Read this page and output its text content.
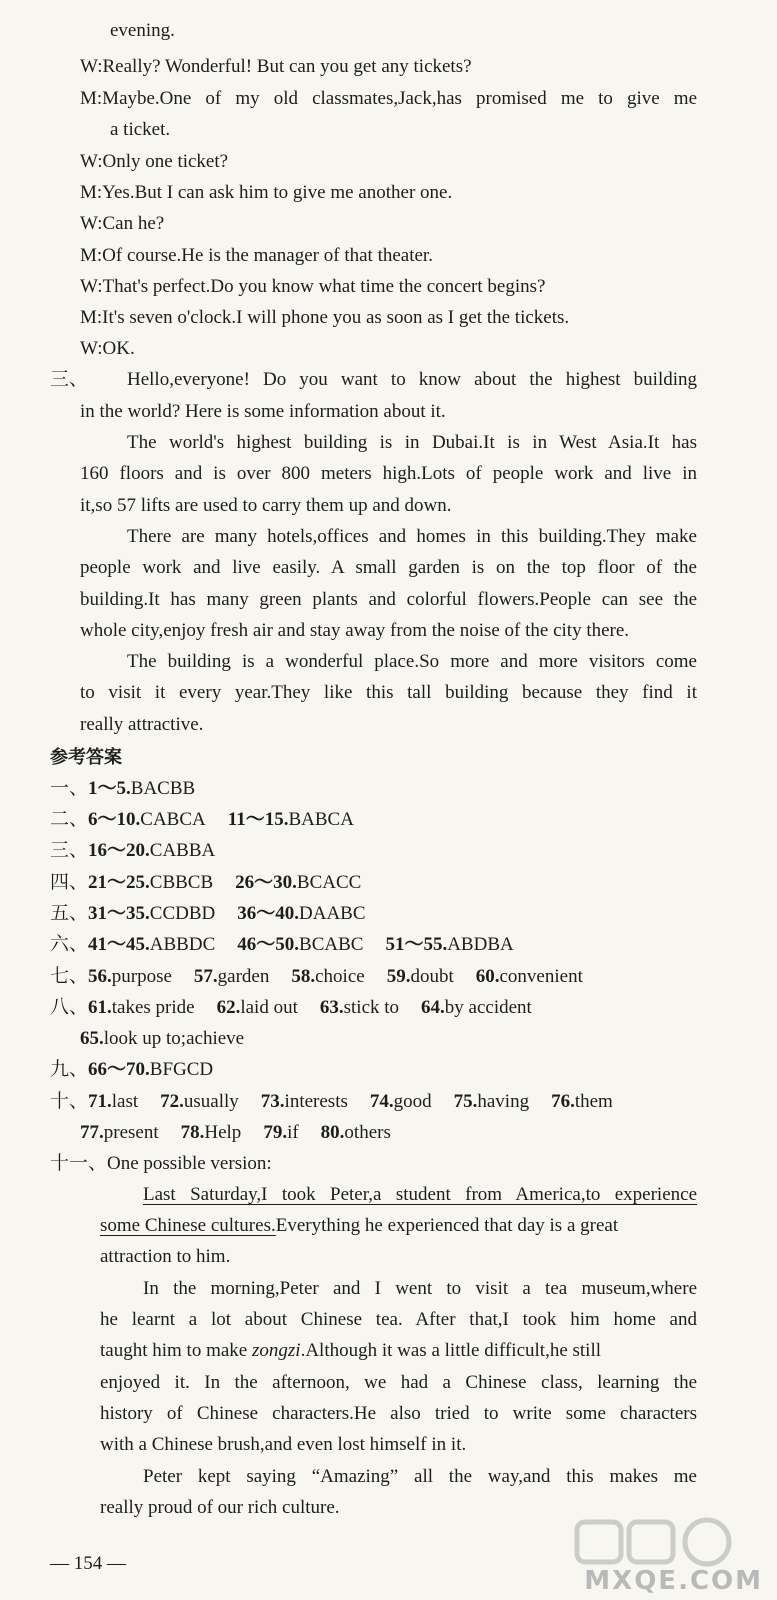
evening.
W:Really? Wonderful! But can you get any tickets?
M:Maybe.One of my old classmates,Jack,has promised me to give me
a ticket.
W:Only one ticket?
M:Yes.But I can ask him to give me another one.
W:Can he?
M:Of course.He is the manager of that theater.
W:That's perfect.Do you know what time the concert begins?
M:It's seven o'clock.I will phone you as soon as I get the tickets.
W:OK.
三、 Hello,everyone! Do you want to know about the highest building
in the world? Here is some information about it.
The world's highest building is in Dubai.It is in West Asia.It has
160 floors and is over 800 meters high.Lots of people work and live in
it,so 57 lifts are used to carry them up and down.
There are many hotels,offices and homes in this building.They make
people work and live easily. A small garden is on the top floor of the
building.It has many green plants and colorful flowers.People can see the
whole city,enjoy fresh air and stay away from the noise of the city there.
The building is a wonderful place.So more and more visitors come
to visit it every year.They like this tall building because they find it
really attractive.
参考答案
一、1～5.BACBB
二、6～10.CABCA 11～15.BABCA
三、16～20.CABBA
四、21～25.CBBCB 26～30.BCACC
五、31～35.CCDBD 36～40.DAABC
六、41～45.ABBDC 46～50.BCABC 51～55.ABDBA
七、56.purpose 57.garden 58.choice 59.doubt 60.convenient
八、61.takes pride 62.laid out 63.stick to 64.by accident
65.look up to;achieve
九、66～70.BFGCD
十、71.last 72.usually 73.interests 74.good 75.having 76.them
77.present 78.Help 79.if 80.others
十一、One possible version:
Last Saturday,I took Peter,a student from America,to experience
some Chinese cultures.Everything he experienced that day is a great
attraction to him.
In the morning,Peter and I went to visit a tea museum,where
he learnt a lot about Chinese tea. After that,I took him home and
taught him to make zongzi.Although it was a little difficult,he still
enjoyed it. In the afternoon, we had a Chinese class, learning the
history of Chinese characters.He also tried to write some characters
with a Chinese brush,and even lost himself in it.
Peter kept saying “Amazing” all the way,and this makes me
really proud of our rich culture.
— 154 —
MXQE.COM
